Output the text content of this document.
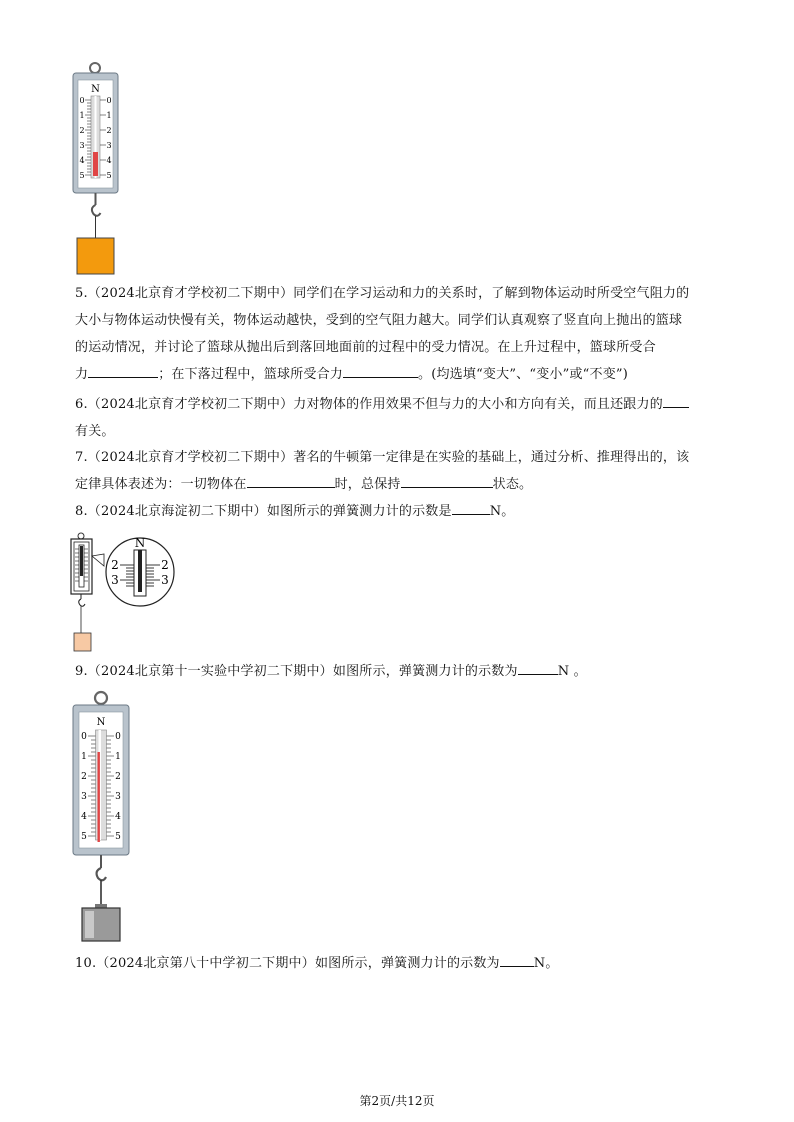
N
0
1
2
3
4
5
0
1
2
3
4
5

5.（2024北京育才学校初二下期中）同学们在学习运动和力的关系时，了解到物体运动时所受空气阻力的

大小与物体运动快慢有关，物体运动越快，受到的空气阻力越大。同学们认真观察了竖直向上抛出的篮球

的运动情况，并讨论了篮球从抛出后到落回地面前的过程中的受力情况。在上升过程中，篮球所受合

力	；在下落过程中，篮球所受合力	。(均选填“变大”、“变小”或“不变”)

6.（2024北京育才学校初二下期中）力对物体的作用效果不但与力的大小和方向有关，而且还跟力的

有关。

7.（2024北京育才学校初二下期中）著名的牛顿第一定律是在实验的基础上，通过分析、推理得出的，该

定律具体表述为：一切物体在	时，总保持	状态。

8.（2024北京海淀初二下期中）如图所示的弹簧测力计的示数是	N。

N
2
3
2
3

9.（2024北京第十一实验中学初二下期中）如图所示，弹簧测力计的示数为	N 。

N
0
1
2
3
4
5
0
1
2
3
4
5

10.（2024北京第八十中学初二下期中）如图所示，弹簧测力计的示数为	N。

第2页/共12页
